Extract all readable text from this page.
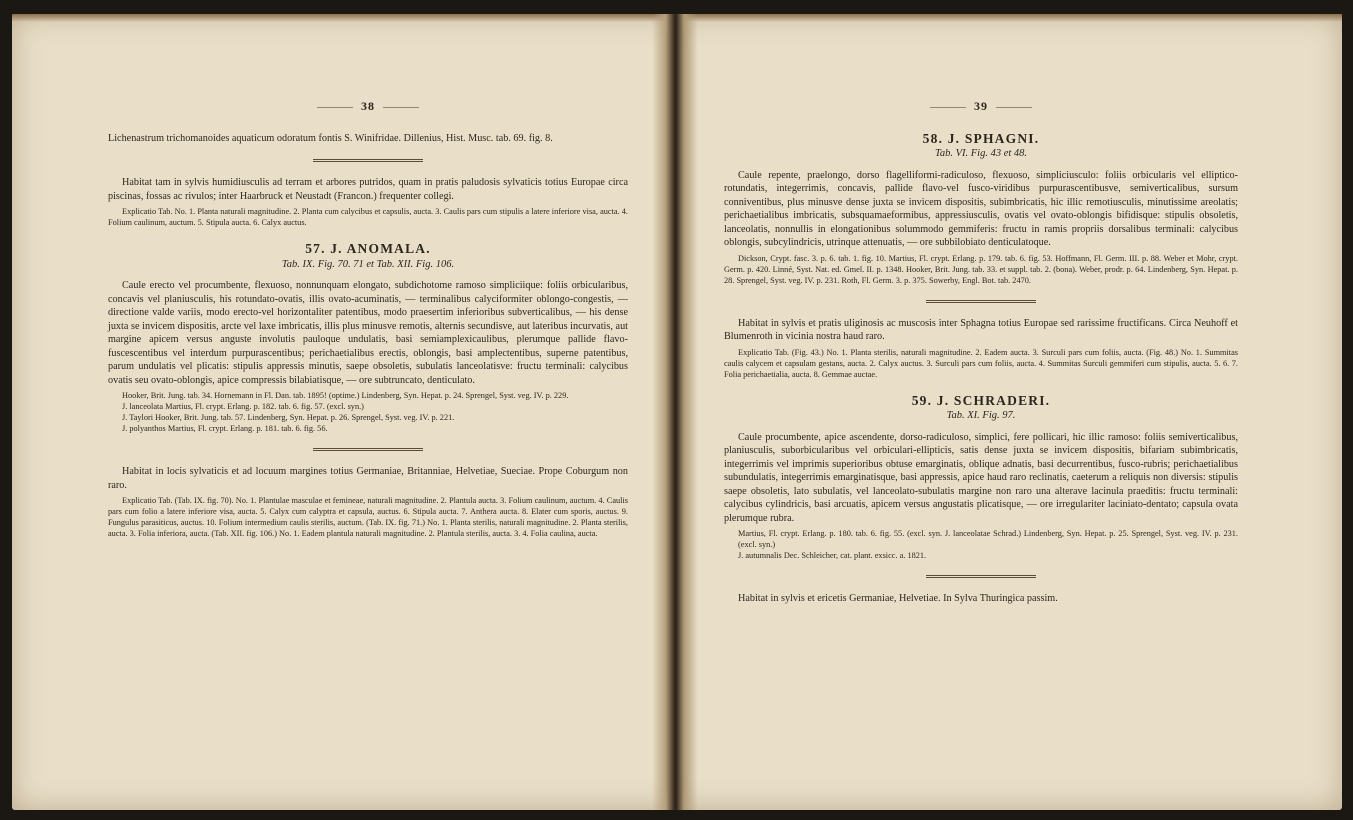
——— 38 ———

Lichenastrum trichomanoides aquaticum odoratum fontis S. Winifridae. Dillenius, Hist. Musc. tab. 69. fig. 8.

Habitat tam in sylvis humidiusculis ad terram et arbores putridos, quam in pratis paludosis sylvaticis totius Europae circa piscinas, fossas ac rivulos; inter Haarbruck et Neustadt (Francon.) frequenter collegi.

Explicatio Tab. No. 1. Planta naturali magnitudine. 2. Planta cum calycibus et capsulis, aucta. 3. Caulis pars cum stipulis a latere inferiore visa, aucta. 4. Folium caulinum, auctum. 5. Stipula aucta. 6. Calyx auctus.

57. J. ANOMALA.
Tab. IX. Fig. 70. 71 et Tab. XII. Fig. 106.

Caule erecto vel procumbente, flexuoso, nonnunquam elongato, subdichotome ramoso simpliciique: foliis orbicularibus, concavis vel planiusculis, his rotundato-ovatis, illis ovato-acuminatis, — terminalibus calyciformiter oblongo-congestis, — directione valde variis, modo erecto-vel horizontaliter patentibus, modo praesertim inferioribus subverticalibus, — his dense juxta se invicem dispositis, arcte vel laxe imbricatis, illis plus minusve remotis, alternis secundisve, aut lateribus incurvatis, aut margine apicem versus anguste involutis pauloque undulatis, basi semiamplexicaulibus, plerumque pallide flavo-fuscescentibus vel interdum purpurascentibus; perichaetialibus erectis, oblongis, basi amplectentibus, superne patentibus, parum undulatis vel plicatis: stipulis appressis minutis, saepe obsoletis, subulatis lanceolatisve: fructu terminali: calycibus ovatis seu ovato-oblongis, apice compressis bilabiatisque, — ore subtruncato, denticulato.

Hooker, Brit. Jung. tab. 34. Hornemann in Fl. Dan. tab. 1895! (optime.) Lindenberg, Syn. Hepat. p. 24. Sprengel, Syst. veg. IV. p. 229.

J. lanceolata Martius, Fl. crypt. Erlang. p. 182. tab. 6. fig. 57. (excl. syn.)

J. Taylori Hooker, Brit. Jung. tab. 57. Lindenberg, Syn. Hepat. p. 26. Sprengel, Syst. veg. IV. p. 221.

J. polyanthos Martius, Fl. crypt. Erlang. p. 181. tab. 6. fig. 56.

Habitat in locis sylvaticis et ad locuum margines totius Germaniae, Britanniae, Helvetiae, Sueciae. Prope Coburgum non raro.

Explicatio Tab. (Tab. IX. fig. 70). No. 1. Plantulae masculae et femineae, naturali magnitudine. 2. Plantula aucta. 3. Folium caulinum, auctum. 4. Caulis pars cum folio a latere inferiore visa, aucta. 5. Calyx cum calyptra et capsula, auctus. 6. Stipula aucta. 7. Anthera aucta. 8. Elater cum sporis, auctus. 9. Fungulus parasiticus, auctus. 10. Folium intermedium caulis sterilis, auctum. (Tab. IX. fig. 71.) No. 1. Planta sterilis, naturali magnitudine. 2. Planta sterilis, aucta. 3. Folia inferiora, aucta. (Tab. XII. fig. 106.) No. 1. Eadem plantula naturali magnitudine. 2. Plantula sterilis, aucta. 3. 4. Folia caulina, aucta.

——— 39 ———
58. J. SPHAGNI.
Tab. VI. Fig. 43 et 48.

Caule repente, praelongo, dorso flagelliformi-radiculoso, flexuoso, simpliciusculo: foliis orbicularis vel elliptico-rotundatis, integerrimis, concavis, pallide flavo-vel fusco-viridibus purpurascentibusve, semiverticalibus, sursum conniventibus, plus minusve dense juxta se invicem dispositis, subimbricatis, hic illic remotiusculis, minutissime areolatis; perichaetialibus imbricatis, subsquamaeformibus, appressiusculis, ovatis vel ovato-oblongis bifidisque: stipulis obsoletis, lanceolatis, nonnullis in elongationibus solummodo gemmiferis: fructu in ramis propriis dorsalibus terminali: calycibus oblongis, subcylindricis, utrinque attenuatis, — ore subbilobiato denticulatoque.

Dickson, Crypt. fasc. 3. p. 6. tab. 1. fig. 10. Martius, Fl. crypt. Erlang. p. 179. tab. 6. fig. 53. Hoffmann, Fl. Germ. III. p. 88. Weber et Mohr, crypt. Germ. p. 420. Linné, Syst. Nat. ed. Gmel. II. p. 1348. Hooker, Brit. Jung. tab. 33. et suppl. tab. 2. (bona). Weber, prodr. p. 64. Lindenberg, Syn. Hepat. p. 28. Sprengel, Syst. veg. IV. p. 231. Roth, Fl. Germ. 3. p. 375. Sowerby, Engl. Bot. tab. 2470.

Habitat in sylvis et pratis uliginosis ac muscosis inter Sphagna totius Europae sed rarissime fructificans. Circa Neuhoff et Blumenroth in vicinia nostra haud raro.

Explicatio Tab. (Fig. 43.) No. 1. Planta sterilis, naturali magnitudine. 2. Eadem aucta. 3. Surculi pars cum foliis, aucta. (Fig. 48.) No. 1. Summitas caulis calycem et capsulam gestans, aucta. 2. Calyx auctus. 3. Surculi pars cum foliis, aucta. 4. Summitas Surculi gemmiferi cum stipulis, aucta. 5. 6. 7. Folia perichaetialia, aucta. 8. Gemmae auctae.

59. J. SCHRADERI.
Tab. XI. Fig. 97.

Caule procumbente, apice ascendente, dorso-radiculoso, simplici, fere pollicari, hic illic ramoso: foliis semiverticalibus, planiusculis, suborbicularibus vel orbiculari-ellipticis, satis dense juxta se invicem dispositis, bifariam subimbricatis, integerrimis vel imprimis superioribus obtuse emarginatis, oblique adnatis, basi decurrentibus, fusco-rubris; perichaetialibus subundulatis, integerrimis emarginatisque, basi appressis, apice haud raro reclinatis, caeterum a reliquis non diversis: stipulis saepe obsoletis, lato subulatis, vel lanceolato-subulatis margine non raro una alterave lacinula praeditis: fructu terminali: calycibus cylindricis, basi arcuatis, apicem versus angustatis plicatisque, — ore irregulariter laciniato-dentato; capsula ovata plerumque rubra.

Martius, Fl. crypt. Erlang. p. 180. tab. 6. fig. 55. (excl. syn. J. lanceolatae Schrad.) Lindenberg, Syn. Hepat. p. 25. Sprengel, Syst. veg. IV. p. 231. (excl. syn.)

J. autumnalis Dec. Schleicher, cat. plant. exsicc. a. 1821.

Habitat in sylvis et ericetis Germaniae, Helvetiae. In Sylva Thuringica passim.
